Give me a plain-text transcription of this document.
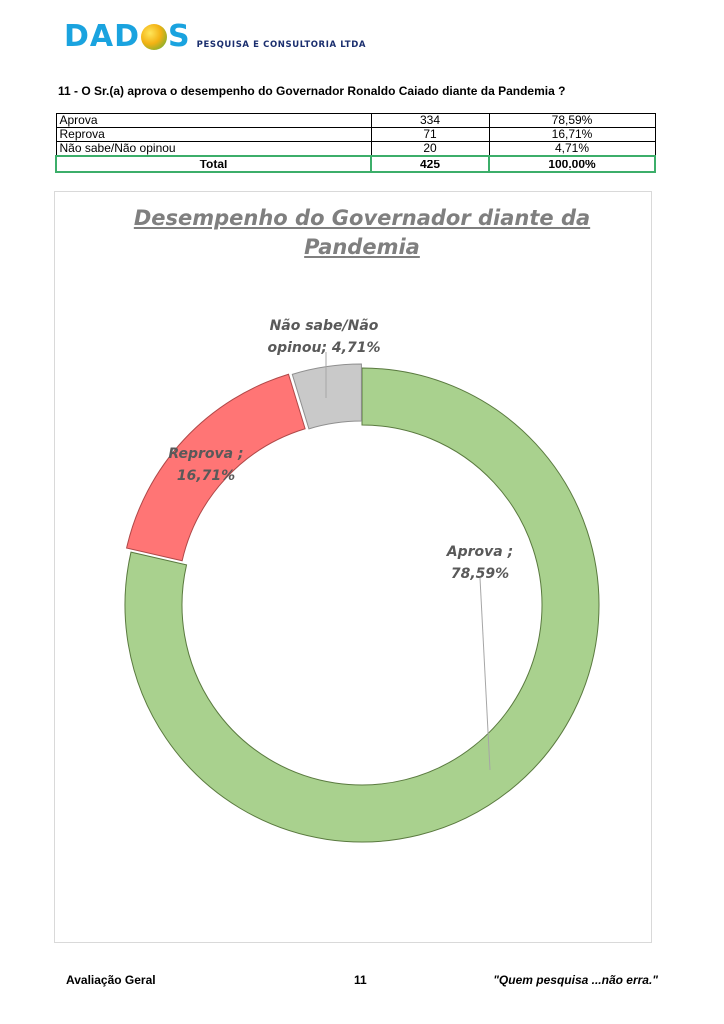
DAD S PESQUISA E CONSULTORIA LTDA
11 - O Sr.(a) aprova o desempenho do Governador Ronaldo Caiado diante da Pandemia ?
Aprova	334	78,59%
Reprova	71	16,71%
Não sabe/Não opinou	20	4,71%
Total	425	100,00%
Desempenho do Governador diante da
Pandemia
Aprova ;
78,59%
Reprova ;
16,71%
Não sabe/Não
opinou; 4,71%
Avaliação Geral	11	"Quem pesquisa ...não erra."
